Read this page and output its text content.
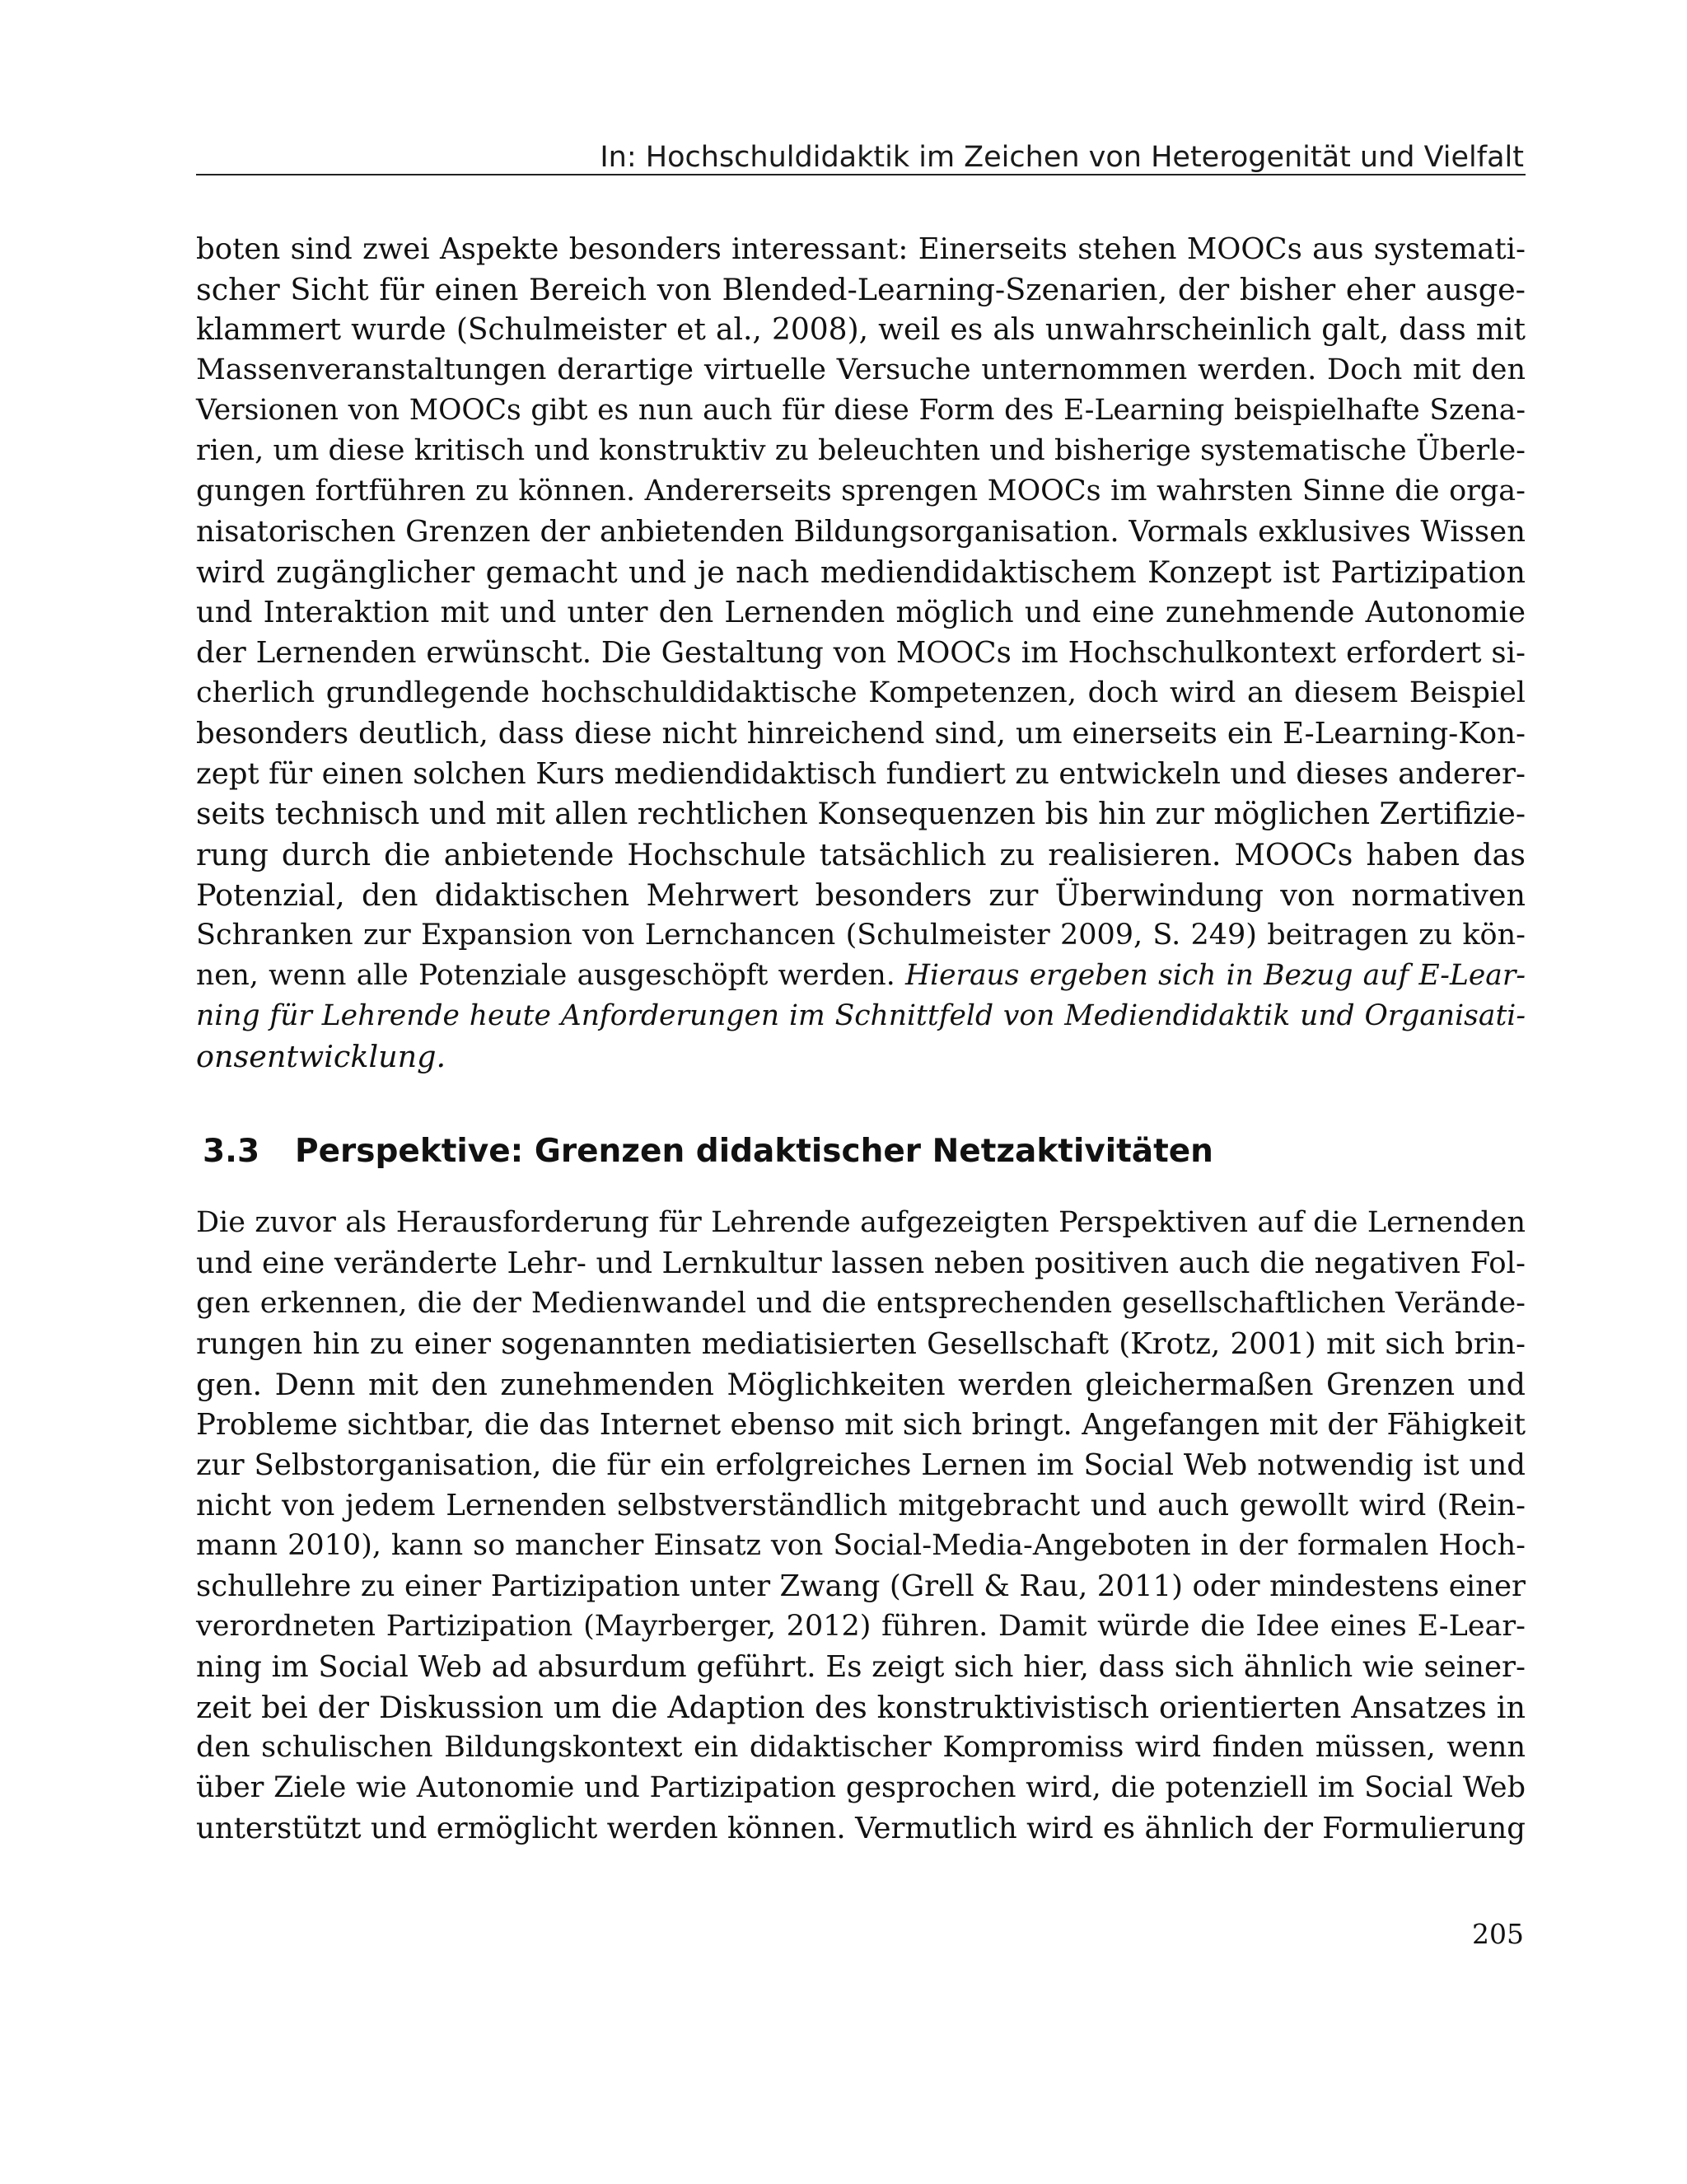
In: Hochschuldidaktik im Zeichen von Heterogenität und Vielfalt
boten sind zwei Aspekte besonders interessant: Einerseits stehen MOOCs aus systemati-
scher Sicht für einen Bereich von Blended-Learning-Szenarien, der bisher eher ausge-
klammert wurde (Schulmeister et al., 2008), weil es als unwahrscheinlich galt, dass mit
Massenveranstaltungen derartige virtuelle Versuche unternommen werden. Doch mit den
Versionen von MOOCs gibt es nun auch für diese Form des E-Learning beispielhafte Szena-
rien, um diese kritisch und konstruktiv zu beleuchten und bisherige systematische Überle-
gungen fortführen zu können. Andererseits sprengen MOOCs im wahrsten Sinne die orga-
nisatorischen Grenzen der anbietenden Bildungsorganisation. Vormals exklusives Wissen
wird zugänglicher gemacht und je nach mediendidaktischem Konzept ist Partizipation
und Interaktion mit und unter den Lernenden möglich und eine zunehmende Autonomie
der Lernenden erwünscht. Die Gestaltung von MOOCs im Hochschulkontext erfordert si-
cherlich grundlegende hochschuldidaktische Kompetenzen, doch wird an diesem Beispiel
besonders deutlich, dass diese nicht hinreichend sind, um einerseits ein E-Learning-Kon-
zept für einen solchen Kurs mediendidaktisch fundiert zu entwickeln und dieses anderer-
seits technisch und mit allen rechtlichen Konsequenzen bis hin zur möglichen Zertifizie-
rung durch die anbietende Hochschule tatsächlich zu realisieren. MOOCs haben das
Potenzial, den didaktischen Mehrwert besonders zur Überwindung von normativen
Schranken zur Expansion von Lernchancen (Schulmeister 2009, S. 249) beitragen zu kön-
nen, wenn alle Potenziale ausgeschöpft werden. Hieraus ergeben sich in Bezug auf E-Lear-
ning für Lehrende heute Anforderungen im Schnittfeld von Mediendidaktik und Organisati-
onsentwicklung.
3.3 Perspektive: Grenzen didaktischer Netzaktivitäten
Die zuvor als Herausforderung für Lehrende aufgezeigten Perspektiven auf die Lernenden
und eine veränderte Lehr- und Lernkultur lassen neben positiven auch die negativen Fol-
gen erkennen, die der Medienwandel und die entsprechenden gesellschaftlichen Verände-
rungen hin zu einer sogenannten mediatisierten Gesellschaft (Krotz, 2001) mit sich brin-
gen. Denn mit den zunehmenden Möglichkeiten werden gleichermaßen Grenzen und
Probleme sichtbar, die das Internet ebenso mit sich bringt. Angefangen mit der Fähigkeit
zur Selbstorganisation, die für ein erfolgreiches Lernen im Social Web notwendig ist und
nicht von jedem Lernenden selbstverständlich mitgebracht und auch gewollt wird (Rein-
mann 2010), kann so mancher Einsatz von Social-Media-Angeboten in der formalen Hoch-
schullehre zu einer Partizipation unter Zwang (Grell & Rau, 2011) oder mindestens einer
verordneten Partizipation (Mayrberger, 2012) führen. Damit würde die Idee eines E-Lear-
ning im Social Web ad absurdum geführt. Es zeigt sich hier, dass sich ähnlich wie seiner-
zeit bei der Diskussion um die Adaption des konstruktivistisch orientierten Ansatzes in
den schulischen Bildungskontext ein didaktischer Kompromiss wird finden müssen, wenn
über Ziele wie Autonomie und Partizipation gesprochen wird, die potenziell im Social Web
unterstützt und ermöglicht werden können. Vermutlich wird es ähnlich der Formulierung
205
